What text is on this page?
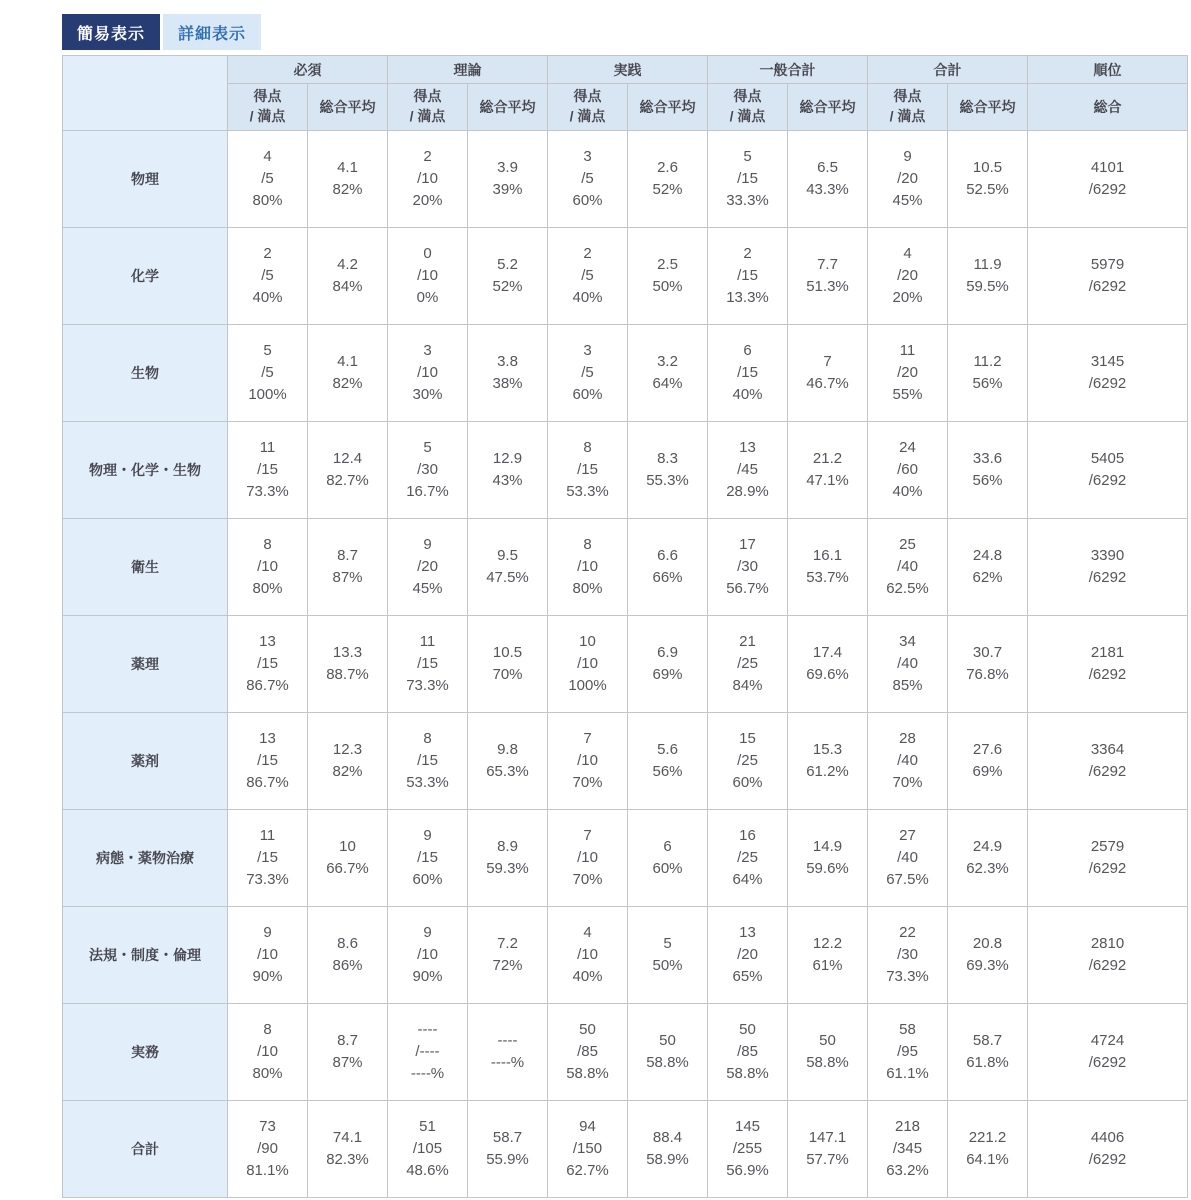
簡易表示	詳細表示
	必須		理論		実践		一般合計		合計		順位

	得点
/ 満点	総合平均	得点
/ 満点	総合平均	得点
/ 満点	総合平均	得点
/ 満点	総合平均	得点
/ 満点	総合平均	総合
物理	4
/5
80%	4.1
82%	2
/10
20%	3.9
39%	3
/5
60%	2.6
52%	5
/15
33.3%	6.5
43.3%	9
/20
45%	10.5
52.5%	4101
/6292

化学	2
/5
40%	4.2
84%	0
/10
0%	5.2
52%	2
/5
40%	2.5
50%	2
/15
13.3%	7.7
51.3%	4
/20
20%	11.9
59.5%	5979
/6292

生物	5
/5
100%	4.1
82%	3
/10
30%	3.8
38%	3
/5
60%	3.2
64%	6
/15
40%	7
46.7%	11
/20
55%	11.2
56%	3145
/6292

物理・化学・生物	11
/15
73.3%	12.4
82.7%	5
/30
16.7%	12.9
43%	8
/15
53.3%	8.3
55.3%	13
/45
28.9%	21.2
47.1%	24
/60
40%	33.6
56%	5405
/6292

衛生	8
/10
80%	8.7
87%	9
/20
45%	9.5
47.5%	8
/10
80%	6.6
66%	17
/30
56.7%	16.1
53.7%	25
/40
62.5%	24.8
62%	3390
/6292

薬理	13
/15
86.7%	13.3
88.7%	11
/15
73.3%	10.5
70%	10
/10
100%	6.9
69%	21
/25
84%	17.4
69.6%	34
/40
85%	30.7
76.8%	2181
/6292

薬剤	13
/15
86.7%	12.3
82%	8
/15
53.3%	9.8
65.3%	7
/10
70%	5.6
56%	15
/25
60%	15.3
61.2%	28
/40
70%	27.6
69%	3364
/6292

病態・薬物治療	11
/15
73.3%	10
66.7%	9
/15
60%	8.9
59.3%	7
/10
70%	6
60%	16
/25
64%	14.9
59.6%	27
/40
67.5%	24.9
62.3%	2579
/6292

法規・制度・倫理	9
/10
90%	8.6
86%	9
/10
90%	7.2
72%	4
/10
40%	5
50%	13
/20
65%	12.2
61%	22
/30
73.3%	20.8
69.3%	2810
/6292

実務	8
/10
80%	8.7
87%	----
/----
----%	----
----%	50
/85
58.8%	50
58.8%	50
/85
58.8%	50
58.8%	58
/95
61.1%	58.7
61.8%	4724
/6292

合計	73
/90
81.1%	74.1
82.3%	51
/105
48.6%	58.7
55.9%	94
/150
62.7%	88.4
58.9%	145
/255
56.9%	147.1
57.7%	218
/345
63.2%	221.2
64.1%	4406
/6292
